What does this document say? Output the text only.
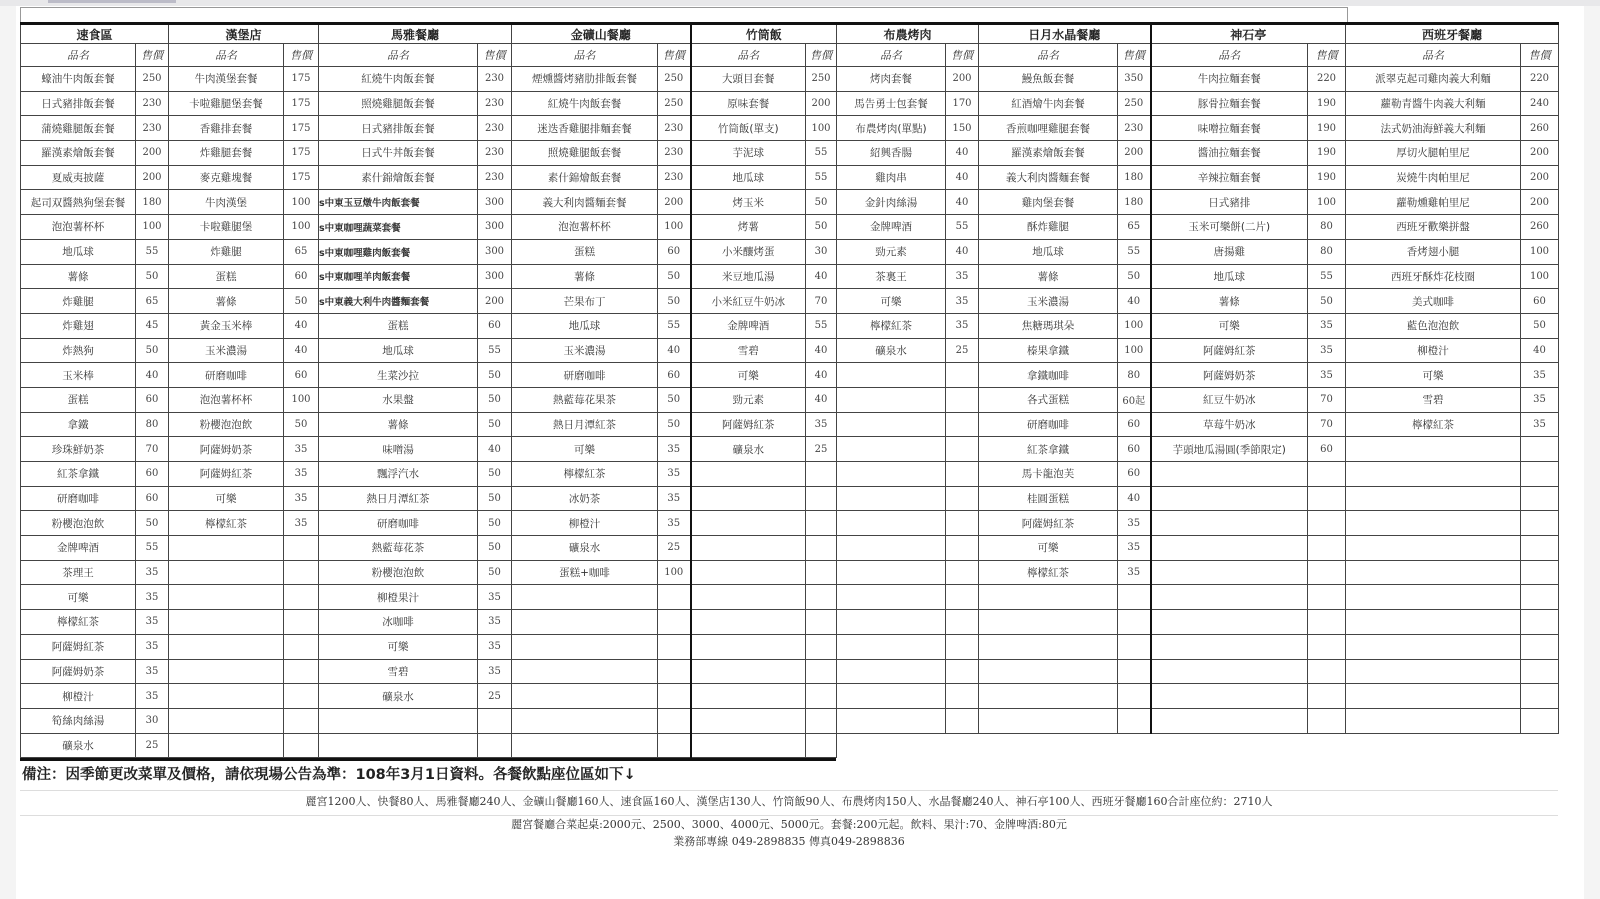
速食區		漢堡店		馬雅餐廳		金礦山餐廳		竹筒飯		布農烤肉		日月水晶餐廳		神石亭		西班牙餐廳	
品名	售價	品名	售價	品名	售價	品名	售價	品名	售價	品名	售價	品名	售價	品名	售價	品名	售價
蠔油牛肉飯套餐	250	牛肉漢堡套餐	175	紅燒牛肉飯套餐	230	煙燻醬烤豬肋排飯套餐	250	大頭目套餐	250	烤肉套餐	200	鰻魚飯套餐	350	牛肉拉麵套餐	220	派翠克起司雞肉義大利麵	220
日式豬排飯套餐	230	卡啦雞腿堡套餐	175	照燒雞腿飯套餐	230	紅燒牛肉飯套餐	250	原味套餐	200	馬告勇士包套餐	170	紅酒燴牛肉套餐	250	豚骨拉麵套餐	190	蘿勒青醬牛肉義大利麵	240
蒲燒雞腿飯套餐	230	香雞排套餐	175	日式豬排飯套餐	230	迷迭香雞腿排麵套餐	230	竹筒飯(單支)	100	布農烤肉(單點)	150	香煎咖哩雞腿套餐	230	味噌拉麵套餐	190	法式奶油海鮮義大利麵	260
羅漢素燴飯套餐	200	炸雞腿套餐	175	日式牛丼飯套餐	230	照燒雞腿飯套餐	230	芋泥球	55	紹興香腸	40	羅漢素燴飯套餐	200	醬油拉麵套餐	190	厚切火腿帕里尼	200
夏威夷披薩	200	麥克雞塊餐	175	素什錦燴飯套餐	230	素什錦燴飯套餐	230	地瓜球	55	雞肉串	40	義大利肉醬麵套餐	180	辛辣拉麵套餐	190	炭燒牛肉帕里尼	200
起司双醬熱狗堡套餐	180	牛肉漢堡	100	s中東玉豆燉牛肉飯套餐	300	義大利肉醬麵套餐	200	烤玉米	50	金針肉絲湯	40	雞肉堡套餐	180	日式豬排	100	蘿勒燻雞帕里尼	200
泡泡薯杯杯	100	卡啦雞腿堡	100	s中東咖哩蔬菜套餐	300	泡泡薯杯杯	100	烤薯	50	金牌啤酒	55	酥炸雞腿	65	玉米可樂餅(二片)	80	西班牙歡樂拼盤	260
地瓜球	55	炸雞腿	65	s中東咖哩雞肉飯套餐	300	蛋糕	60	小米釀烤蛋	30	勁元素	40	地瓜球	55	唐揚雞	80	香烤翅小腿	100
薯條	50	蛋糕	60	s中東咖哩羊肉飯套餐	300	薯條	50	米豆地瓜湯	40	茶裏王	35	薯條	50	地瓜球	55	西班牙酥炸花枝圈	100
炸雞腿	65	薯條	50	s中東義大利牛肉醬麵套餐	200	芒果布丁	50	小米紅豆牛奶冰	70	可樂	35	玉米濃湯	40	薯條	50	美式咖啡	60
炸雞翅	45	黃金玉米棒	40	蛋糕	60	地瓜球	55	金牌啤酒	55	檸檬紅茶	35	焦糖瑪琪朵	100	可樂	35	藍色泡泡飲	50
炸熱狗	50	玉米濃湯	40	地瓜球	55	玉米濃湯	40	雪碧	40	礦泉水	25	榛果拿鐵	100	阿薩姆紅茶	35	柳橙汁	40
玉米棒	40	研磨咖啡	60	生菜沙拉	50	研磨咖啡	60	可樂	40			拿鐵咖啡	80	阿薩姆奶茶	35	可樂	35
蛋糕	60	泡泡薯杯杯	100	水果盤	50	熱藍莓花果茶	50	勁元素	40			各式蛋糕	60起	紅豆牛奶冰	70	雪碧	35
拿鐵	80	粉櫻泡泡飲	50	薯條	50	熱日月潭紅茶	50	阿薩姆紅茶	35			研磨咖啡	60	草莓牛奶冰	70	檸檬紅茶	35
珍珠鮮奶茶	70	阿薩姆奶茶	35	味噌湯	40	可樂	35	礦泉水	25			紅茶拿鐵	60	芋頭地瓜湯圓(季節限定)	60		
紅茶拿鐵	60	阿薩姆紅茶	35	飄浮汽水	50	檸檬紅茶	35					馬卡龍泡芙	60				
研磨咖啡	60	可樂	35	熱日月潭紅茶	50	冰奶茶	35					桂圓蛋糕	40				
粉櫻泡泡飲	50	檸檬紅茶	35	研磨咖啡	50	柳橙汁	35					阿薩姆紅茶	35				
金牌啤酒	55			熱藍莓花茶	50	礦泉水	25					可樂	35				
茶理王	35			粉櫻泡泡飲	50	蛋糕+咖啡	100					檸檬紅茶	35				
可樂	35			柳橙果汁	35												
檸檬紅茶	35			冰咖啡	35												
阿薩姆紅茶	35			可樂	35												
阿薩姆奶茶	35			雪碧	35												
柳橙汁	35			礦泉水	25												
筍絲肉絲湯	30																
礦泉水	25																
備注：因季節更改菜單及價格，請依現場公告為準：108年3月1日資料。各餐飲點座位區如下↓
麗宮1200人、快餐80人、馬雅餐廳240人、金礦山餐廳160人、速食區160人、漢堡店130人、竹筒飯90人、布農烤肉150人、水晶餐廳240人、神石亭100人、西班牙餐廳160合計座位約：2710人
麗宮餐廳合菜起桌:2000元、2500、3000、4000元、5000元。套餐:200元起。飲料、果汁:70、金牌啤酒:80元
業務部專線 049-2898835 傳真049-2898836
